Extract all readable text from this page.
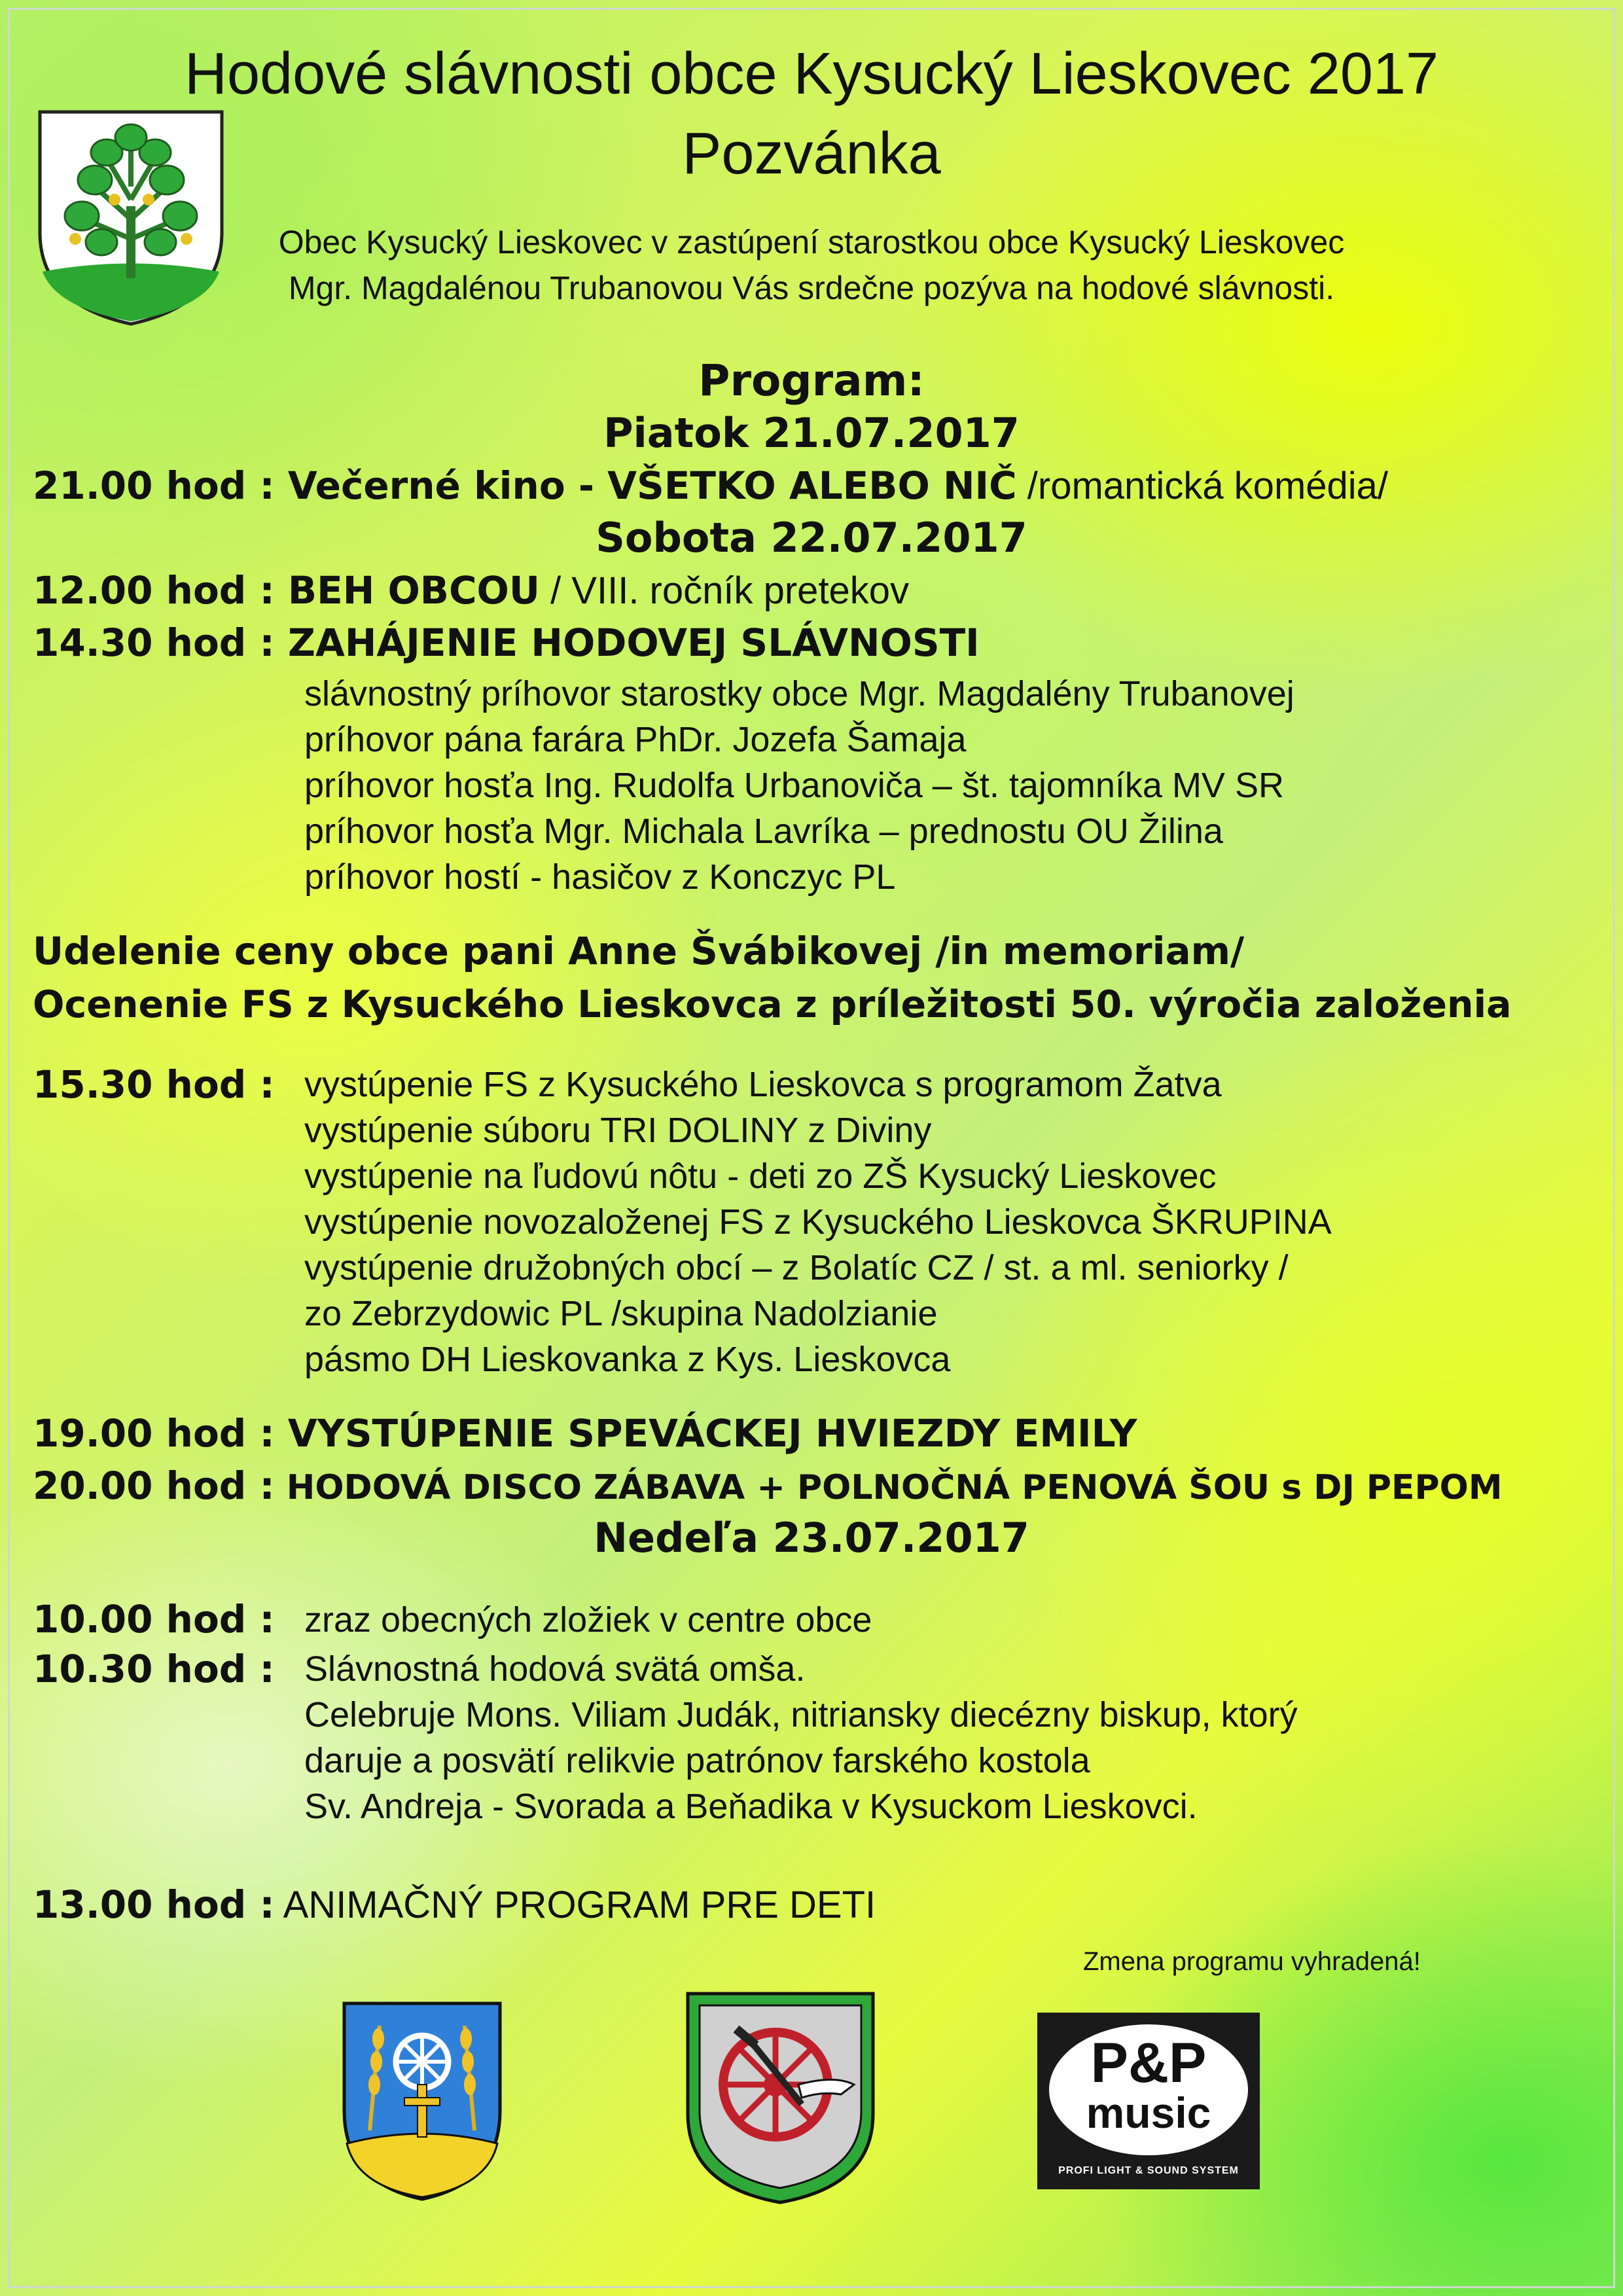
Hodové slávnosti obce Kysucký Lieskovec 2017
Pozvánka
Obec Kysucký Lieskovec v zastúpení starostkou obce Kysucký Lieskovec
Mgr. Magdalénou Trubanovou Vás srdečne pozýva na hodové slávnosti.
Program:
Piatok 21.07.2017
21.00 hod : Večerné kino - VŠETKO ALEBO NIČ /romantická komédia/
Sobota 22.07.2017
12.00 hod : BEH OBCOU / VIII. ročník pretekov
14.30 hod : ZAHÁJENIE HODOVEJ SLÁVNOSTI
slávnostný príhovor starostky obce Mgr. Magdalény Trubanovej
príhovor pána farára PhDr. Jozefa Šamaja
príhovor hosťa Ing. Rudolfa Urbanoviča – št. tajomníka MV SR
príhovor hosťa Mgr. Michala Lavríka – prednostu OU Žilina
príhovor hostí - hasičov z Konczyc PL
Udelenie ceny obce pani Anne Švábikovej /in memoriam/
Ocenenie FS z Kysuckého Lieskovca z príležitosti 50. výročia založenia
15.30 hod : vystúpenie FS z Kysuckého Lieskovca s programom Žatva
vystúpenie súboru TRI DOLINY z Diviny
vystúpenie na ľudovú nôtu - deti zo ZŠ Kysucký Lieskovec
vystúpenie novozaloženej FS z Kysuckého Lieskovca ŠKRUPINA
vystúpenie družobných obcí – z Bolatíc CZ / st. a ml. seniorky /
zo Zebrzydowic PL /skupina Nadolzianie
pásmo DH Lieskovanka z Kys. Lieskovca
19.00 hod : VYSTÚPENIE SPEVÁCKEJ HVIEZDY EMILY
20.00 hod : HODOVÁ DISCO ZÁBAVA + POLNOČNÁ PENOVÁ ŠOU s DJ PEPOM
Nedeľa 23.07.2017
10.00 hod : zraz obecných zložiek v centre obce
10.30 hod : Slávnostná hodová svätá omša.
Celebruje Mons. Viliam Judák, nitriansky diecézny biskup, ktorý
daruje a posvätí relikvie patrónov farského kostola
Sv. Andreja - Svorada a Beňadika v Kysuckom Lieskovci.
13.00 hod : ANIMAČNÝ PROGRAM PRE DETI
Zmena programu vyhradená!
P&P
music
PROFI LIGHT & SOUND SYSTEM
